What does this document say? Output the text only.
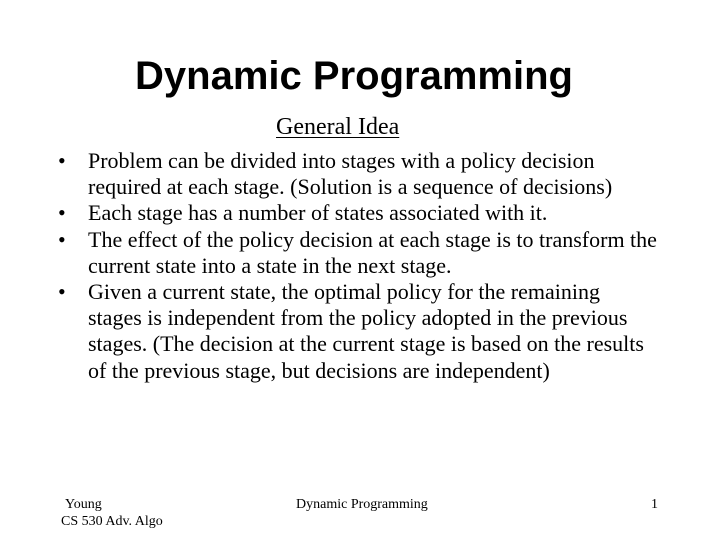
Dynamic Programming
General Idea
•	Problem can be divided into stages with a policy decision required at each stage. (Solution is a sequence of decisions)
•	Each stage has a number of states associated with it.
•	The effect of the policy decision at each stage is to transform the current state into a state in the next stage.
•	Given a current state, the optimal policy for the remaining stages is independent from the policy adopted in the previous stages. (The decision at the current stage is based on the results of the previous stage, but decisions are independent)
Young
CS 530 Adv. Algo
Dynamic Programming	1
